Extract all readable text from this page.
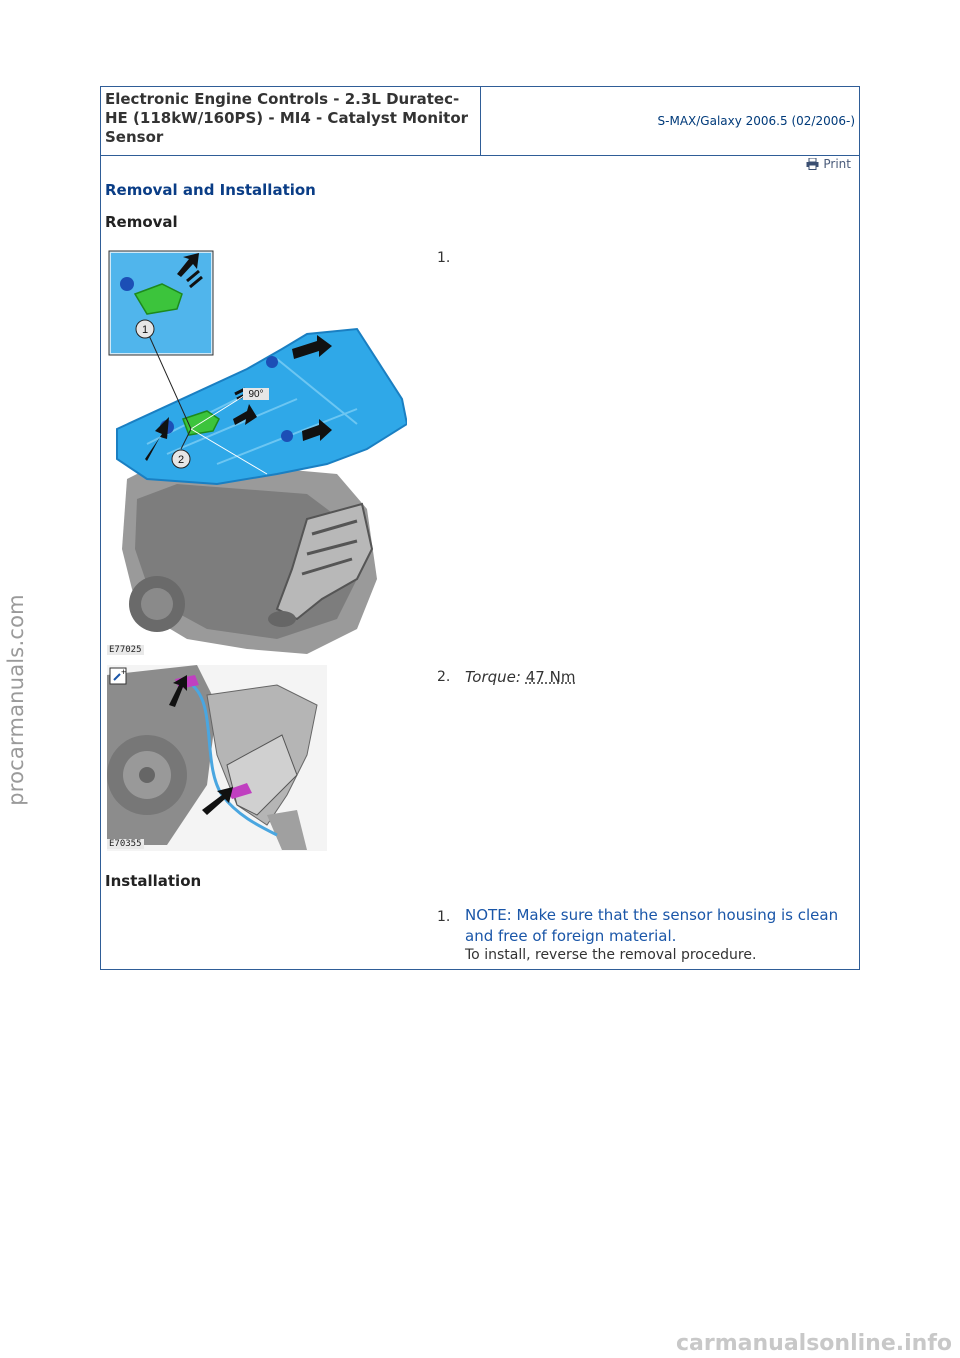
procarmanuals.com
Electronic Engine Controls - 2.3L Duratec-HE (118kW/160PS) - MI4 - Catalyst Monitor Sensor
S-MAX/Galaxy 2006.5 (02/2006-)
Print
Removal and Installation
Removal
2
90°
1
E77025
1.
+
E70355
2. Torque: 47 Nm
Installation
1. NOTE: Make sure that the sensor housing is clean and free of foreign material.
To install, reverse the removal procedure.
carmanualsonline.info
